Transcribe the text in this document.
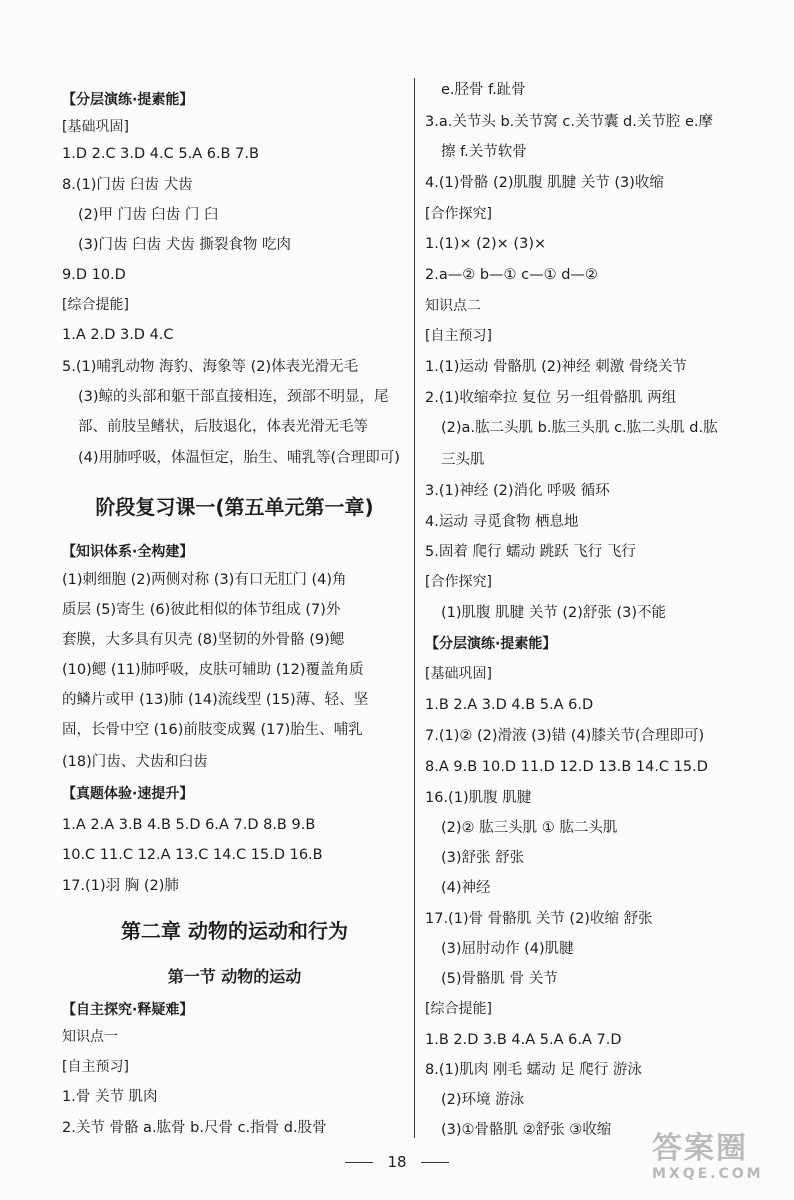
【分层演练·提素能】
[基础巩固]
1.D 2.C 3.D 4.C 5.A 6.B 7.B
8.(1)门齿 臼齿 犬齿
(2)甲 门齿 臼齿 门 臼
(3)门齿 臼齿 犬齿 撕裂食物 吃肉
9.D 10.D
[综合提能]
1.A 2.D 3.D 4.C
5.(1)哺乳动物 海豹、海象等 (2)体表光滑无毛
(3)鲸的头部和躯干部直接相连，颈部不明显，尾
部、前肢呈鳍状，后肢退化，体表光滑无毛等
(4)用肺呼吸，体温恒定，胎生、哺乳等(合理即可)
阶段复习课一(第五单元第一章)
【知识体系·全构建】
(1)刺细胞 (2)两侧对称 (3)有口无肛门 (4)角
质层 (5)寄生 (6)彼此相似的体节组成 (7)外
套膜，大多具有贝壳 (8)坚韧的外骨骼 (9)鳃
(10)鳃 (11)肺呼吸，皮肤可辅助 (12)覆盖角质
的鳞片或甲 (13)肺 (14)流线型 (15)薄、轻、坚
固，长骨中空 (16)前肢变成翼 (17)胎生、哺乳
(18)门齿、犬齿和臼齿
【真题体验·速提升】
1.A 2.A 3.B 4.B 5.D 6.A 7.D 8.B 9.B
10.C 11.C 12.A 13.C 14.C 15.D 16.B
17.(1)羽 胸 (2)肺
第二章 动物的运动和行为
第一节 动物的运动
【自主探究·释疑难】
知识点一
[自主预习]
1.骨 关节 肌肉
2.关节 骨骼 a.肱骨 b.尺骨 c.指骨 d.股骨
e.胫骨 f.趾骨
3.a.关节头 b.关节窝 c.关节囊 d.关节腔 e.摩
擦 f.关节软骨
4.(1)骨骼 (2)肌腹 肌腱 关节 (3)收缩
[合作探究]
1.(1)× (2)× (3)×
2.a—② b—① c—① d—②
知识点二
[自主预习]
1.(1)运动 骨骼肌 (2)神经 刺激 骨绕关节
2.(1)收缩牵拉 复位 另一组骨骼肌 两组
(2)a.肱二头肌 b.肱三头肌 c.肱二头肌 d.肱
三头肌
3.(1)神经 (2)消化 呼吸 循环
4.运动 寻觅食物 栖息地
5.固着 爬行 蠕动 跳跃 飞行 飞行
[合作探究]
(1)肌腹 肌腱 关节 (2)舒张 (3)不能
【分层演练·提素能】
[基础巩固]
1.B 2.A 3.D 4.B 5.A 6.D
7.(1)② (2)滑液 (3)错 (4)膝关节(合理即可)
8.A 9.B 10.D 11.D 12.D 13.B 14.C 15.D
16.(1)肌腹 肌腱
(2)② 肱三头肌 ① 肱二头肌
(3)舒张 舒张
(4)神经
17.(1)骨 骨骼肌 关节 (2)收缩 舒张
(3)屈肘动作 (4)肌腱
(5)骨骼肌 骨 关节
[综合提能]
1.B 2.D 3.B 4.A 5.A 6.A 7.D
8.(1)肌肉 刚毛 蠕动 足 爬行 游泳
(2)环境 游泳
(3)①骨骼肌 ②舒张 ③收缩
18	答案圈
MXQE.COM
